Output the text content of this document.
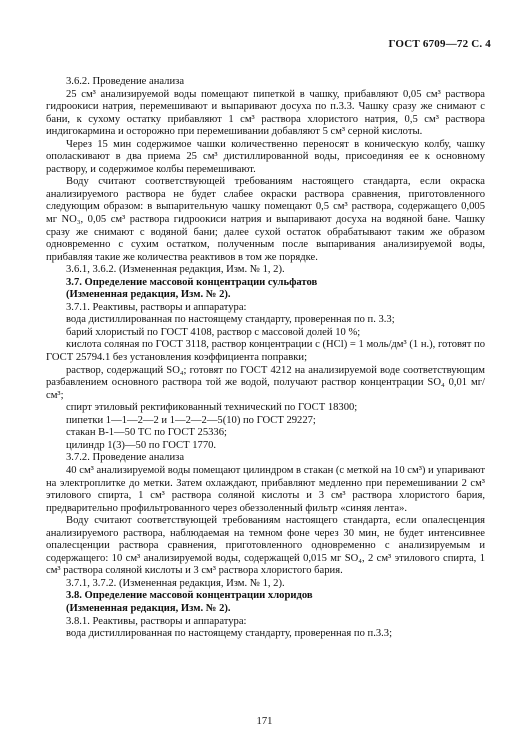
ГОСТ 6709—72 С. 4

3.6.2. Проведение анализа

25 см³ анализируемой воды помещают пипеткой в чашку, прибавляют 0,05 см³ раствора гидроокиси натрия, перемешивают и выпаривают досуха по п.3.3. Чашку сразу же снимают с бани, к сухому остатку прибавляют 1 см³ раствора хлористого натрия, 0,5 см³ раствора индигокармина и осторожно при перемешивании добавляют 5 см³ серной кислоты.

Через 15 мин содержимое чашки количественно переносят в коническую колбу, чашку ополаскивают в два приема 25 см³ дистиллированной воды, присоединяя ее к основному раствору, и содержимое колбы перемешивают.

Воду считают соответствующей требованиям настоящего стандарта, если окраска анализируемого раствора не будет слабее окраски раствора сравнения, приготовленного следующим образом: в выпарительную чашку помещают 0,5 см³ раствора, содержащего 0,005 мг NO₃, 0,05 см³ раствора гидроокиси натрия и выпаривают досуха на водяной бане. Чашку сразу же снимают с водяной бани; далее сухой остаток обрабатывают таким же образом одновременно с сухим остатком, полученным после выпаривания анализируемой воды, прибавляя такие же количества реактивов в том же порядке.

3.6.1, 3.6.2. (Измененная редакция, Изм. № 1, 2).

3.7. Определение массовой концентрации сульфатов

(Измененная редакция, Изм. № 2).

3.7.1. Реактивы, растворы и аппаратура:

вода дистиллированная по настоящему стандарту, проверенная по п. 3.3;

барий хлористый по ГОСТ 4108, раствор с массовой долей 10 %;

кислота соляная по ГОСТ 3118, раствор концентрации с (HCl) = 1 моль/дм³ (1 н.), готовят по ГОСТ 25794.1 без установления коэффициента поправки;

раствор, содержащий SO₄; готовят по ГОСТ 4212 на анализируемой воде соответствующим разбавлением основного раствора той же водой, получают раствор концентрации SO₄ 0,01 мг/см³;

спирт этиловый ректификованный технический по ГОСТ 18300;

пипетки 1—1—2—2 и 1—2—2—5(10) по ГОСТ 29227;

стакан В-1—50 ТС по ГОСТ 25336;

цилиндр 1(3)—50 по ГОСТ 1770.

3.7.2. Проведение анализа

40 см³ анализируемой воды помещают цилиндром в стакан (с меткой на 10 см³) и упаривают на электроплитке до метки. Затем охлаждают, прибавляют медленно при перемешивании 2 см³ этилового спирта, 1 см³ раствора соляной кислоты и 3 см³ раствора хлористого бария, предварительно профильтрованного через обеззоленный фильтр «синяя лента».

Воду считают соответствующей требованиям настоящего стандарта, если опалесценция анализируемого раствора, наблюдаемая на темном фоне через 30 мин, не будет интенсивнее опалесценции раствора сравнения, приготовленного одновременно с анализируемым и содержащего: 10 см³ анализируемой воды, содержащей 0,015 мг SO₄, 2 см³ этилового спирта, 1 см³ раствора соляной кислоты и 3 см³ раствора хлористого бария.

3.7.1, 3.7.2. (Измененная редакция, Изм. № 1, 2).

3.8. Определение массовой концентрации хлоридов

(Измененная редакция, Изм. № 2).

3.8.1. Реактивы, растворы и аппаратура:

вода дистиллированная по настоящему стандарту, проверенная по п.3.3;

171
